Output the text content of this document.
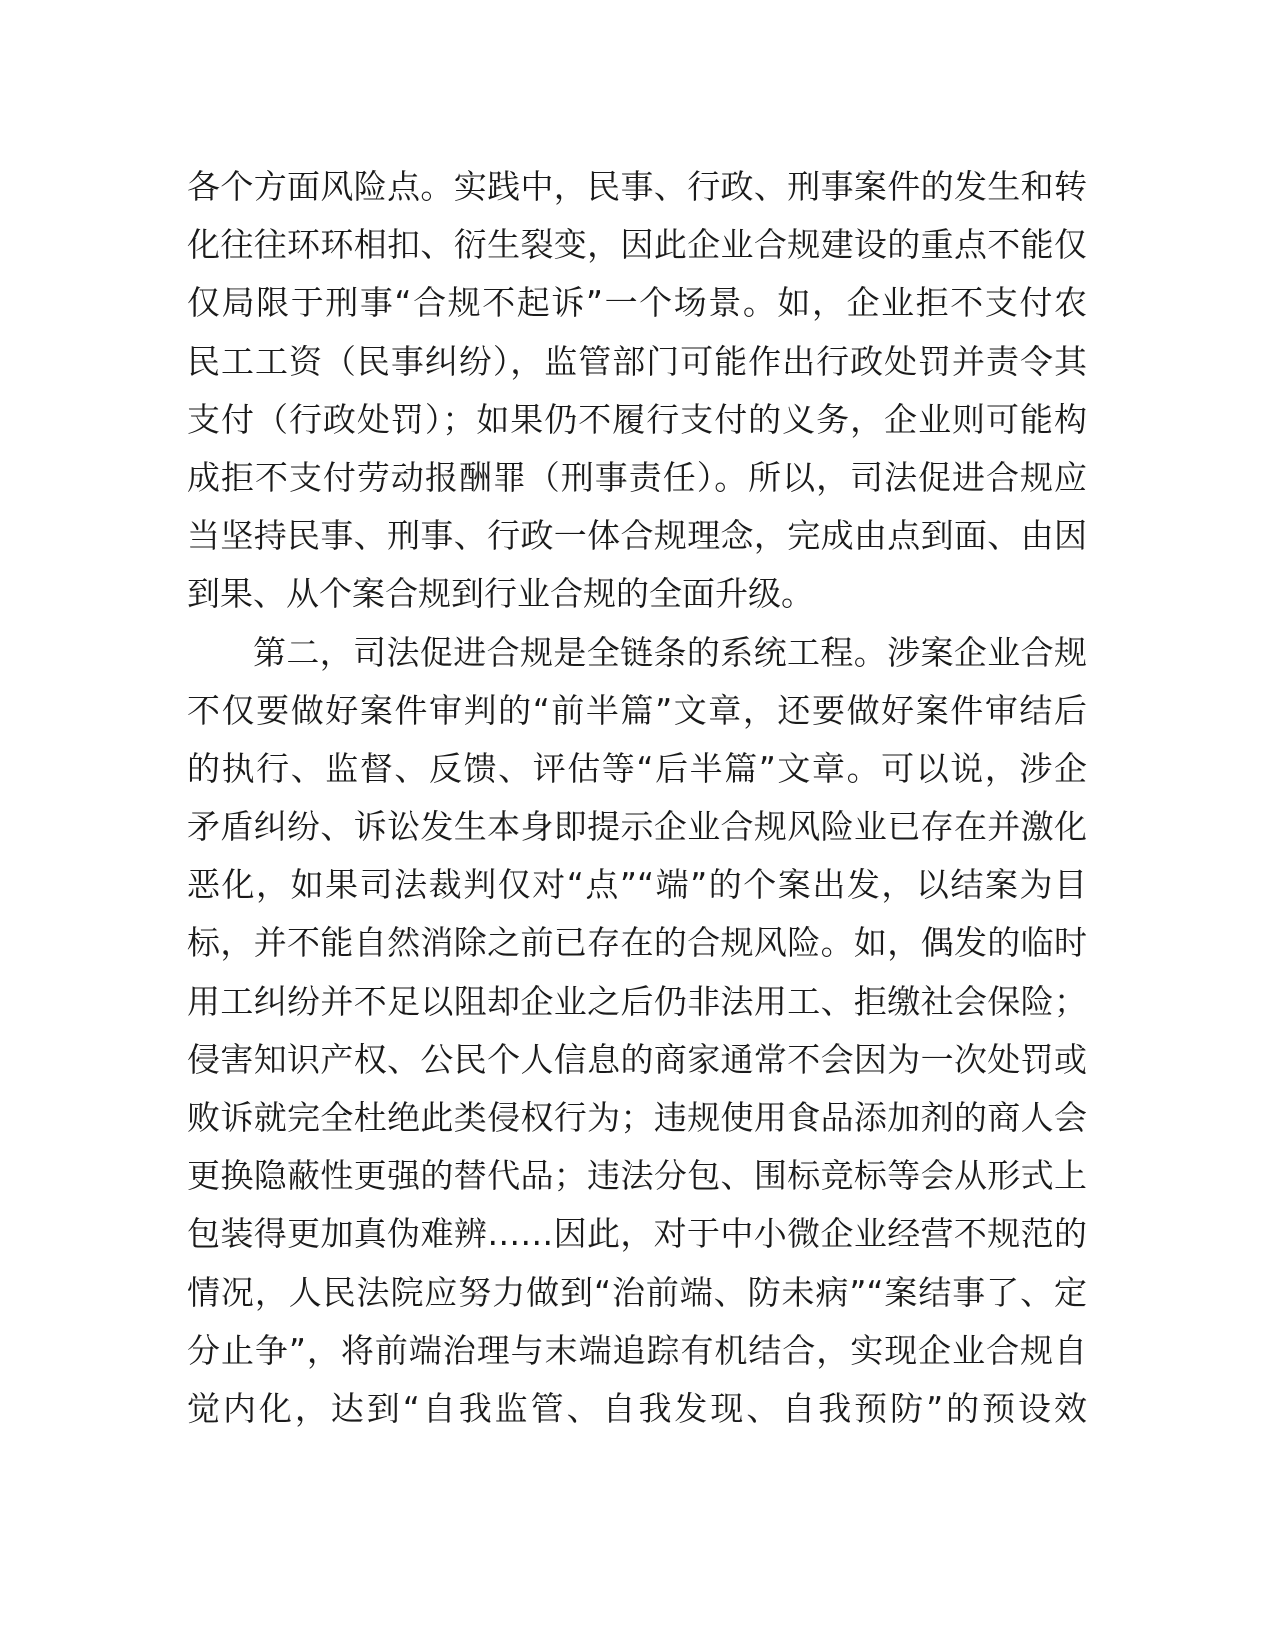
各个方面风险点。实践中，民事、行政、刑事案件的发生和转
化往往环环相扣、衍生裂变，因此企业合规建设的重点不能仅
仅局限于刑事“合规不起诉”一个场景。如，企业拒不支付农
民工工资（民事纠纷），监管部门可能作出行政处罚并责令其
支付（行政处罚）；如果仍不履行支付的义务，企业则可能构
成拒不支付劳动报酬罪（刑事责任）。所以，司法促进合规应
当坚持民事、刑事、行政一体合规理念，完成由点到面、由因
到果、从个案合规到行业合规的全面升级。
第二，司法促进合规是全链条的系统工程。涉案企业合规
不仅要做好案件审判的“前半篇”文章，还要做好案件审结后
的执行、监督、反馈、评估等“后半篇”文章。可以说，涉企
矛盾纠纷、诉讼发生本身即提示企业合规风险业已存在并激化
恶化，如果司法裁判仅对“点”“端”的个案出发，以结案为目
标，并不能自然消除之前已存在的合规风险。如，偶发的临时
用工纠纷并不足以阻却企业之后仍非法用工、拒缴社会保险；
侵害知识产权、公民个人信息的商家通常不会因为一次处罚或
败诉就完全杜绝此类侵权行为；违规使用食品添加剂的商人会
更换隐蔽性更强的替代品；违法分包、围标竞标等会从形式上
包装得更加真伪难辨……因此，对于中小微企业经营不规范的
情况，人民法院应努力做到“治前端、防未病”“案结事了、定
分止争”，将前端治理与末端追踪有机结合，实现企业合规自
觉内化，达到“自我监管、自我发现、自我预防”的预设效
